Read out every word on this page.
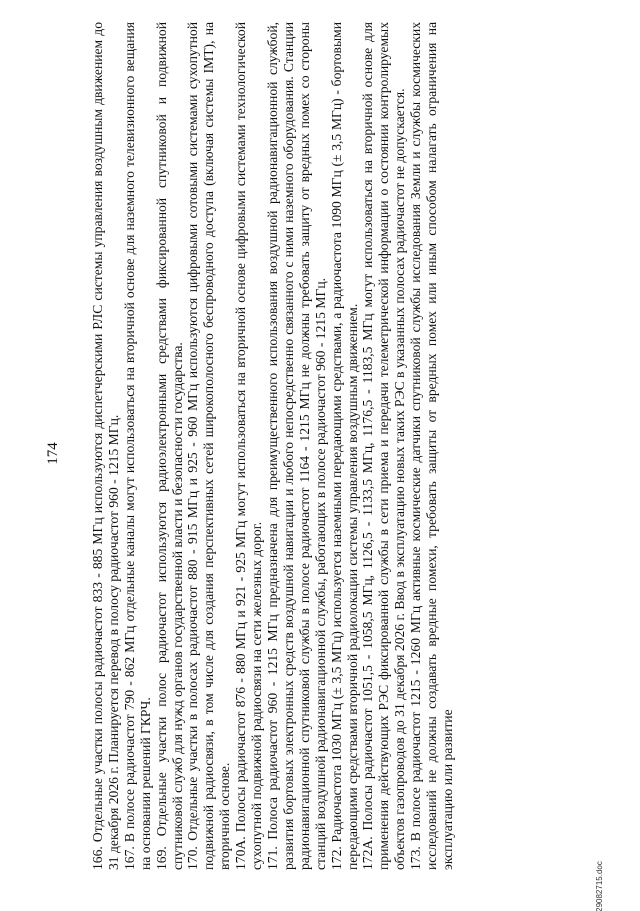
174 166. Отдельные участки полосы радиочастот 833 - 885 МГц используются диспетчерскими РЛС системы управления воздушным движением до 31 декабря 2026 г. Планируется перевод в полосу радиочастот 960 - 1215 МГц. 167. В полосе радиочастот 790 - 862 МГц отдельные каналы могут использоваться на вторичной основе для наземного телевизионного вещания на основании решений ГКРЧ. 169. Отдельные участки полос радиочастот используются радиоэлектронными средствами фиксированной спутниковой и подвижной спутниковой служб для нужд органов государственной власти и безопасности государства. 170. Отдельные участки в полосах радиочастот 880 - 915 МГц и 925 - 960 МГц используются цифровыми сотовыми системами сухопутной подвижной радиосвязи, в том числе для создания перспективных сетей широкополосного беспроводного доступа (включая системы IMT), на вторичной основе. 170А. Полосы радиочастот 876 - 880 МГц и 921 - 925 МГц могут использоваться на вторичной основе цифровыми системами технологической сухопутной подвижной радиосвязи на сети железных дорог. 171. Полоса радиочастот 960 - 1215 МГц предназначена для преимущественного использования воздушной радионавигационной службой, развития бортовых электронных средств воздушной навигации и любого непосредственно связанного с ними наземного оборудования. Станции радионавигационной спутниковой службы в полосе радиочастот 1164 - 1215 МГц не должны требовать защиту от вредных помех со стороны станций воздушной радионавигационной службы, работающих в полосе радиочастот 960 - 1215 МГц. 172. Радиочастота 1030 МГц (± 3,5 МГц) используется наземными передающими средствами, а радиочастота 1090 МГц (± 3,5 МГц) - бортовыми передающими средствами вторичной радиолокации системы управления воздушным движением. 172А. Полосы радиочастот 1051,5 - 1058,5 МГц, 1126,5 - 1133,5 МГц, 1176,5 - 1183,5 МГц могут использоваться на вторичной основе для применения действующих РЭС фиксированной службы в сети приема и передачи телеметрической информации о состоянии контролируемых объектов газопроводов до 31 декабря 2026 г. Ввод в эксплуатацию новых таких РЭС в указанных полосах радиочастот не допускается. 173. В полосе радиочастот 1215 - 1260 МГц активные космические датчики спутниковой службы исследования Земли и службы космических исследований не должны создавать вредные помехи, требовать защиты от вредных помех или иным способом налагать ограничения на эксплуатацию или развитие

29082715.doc
